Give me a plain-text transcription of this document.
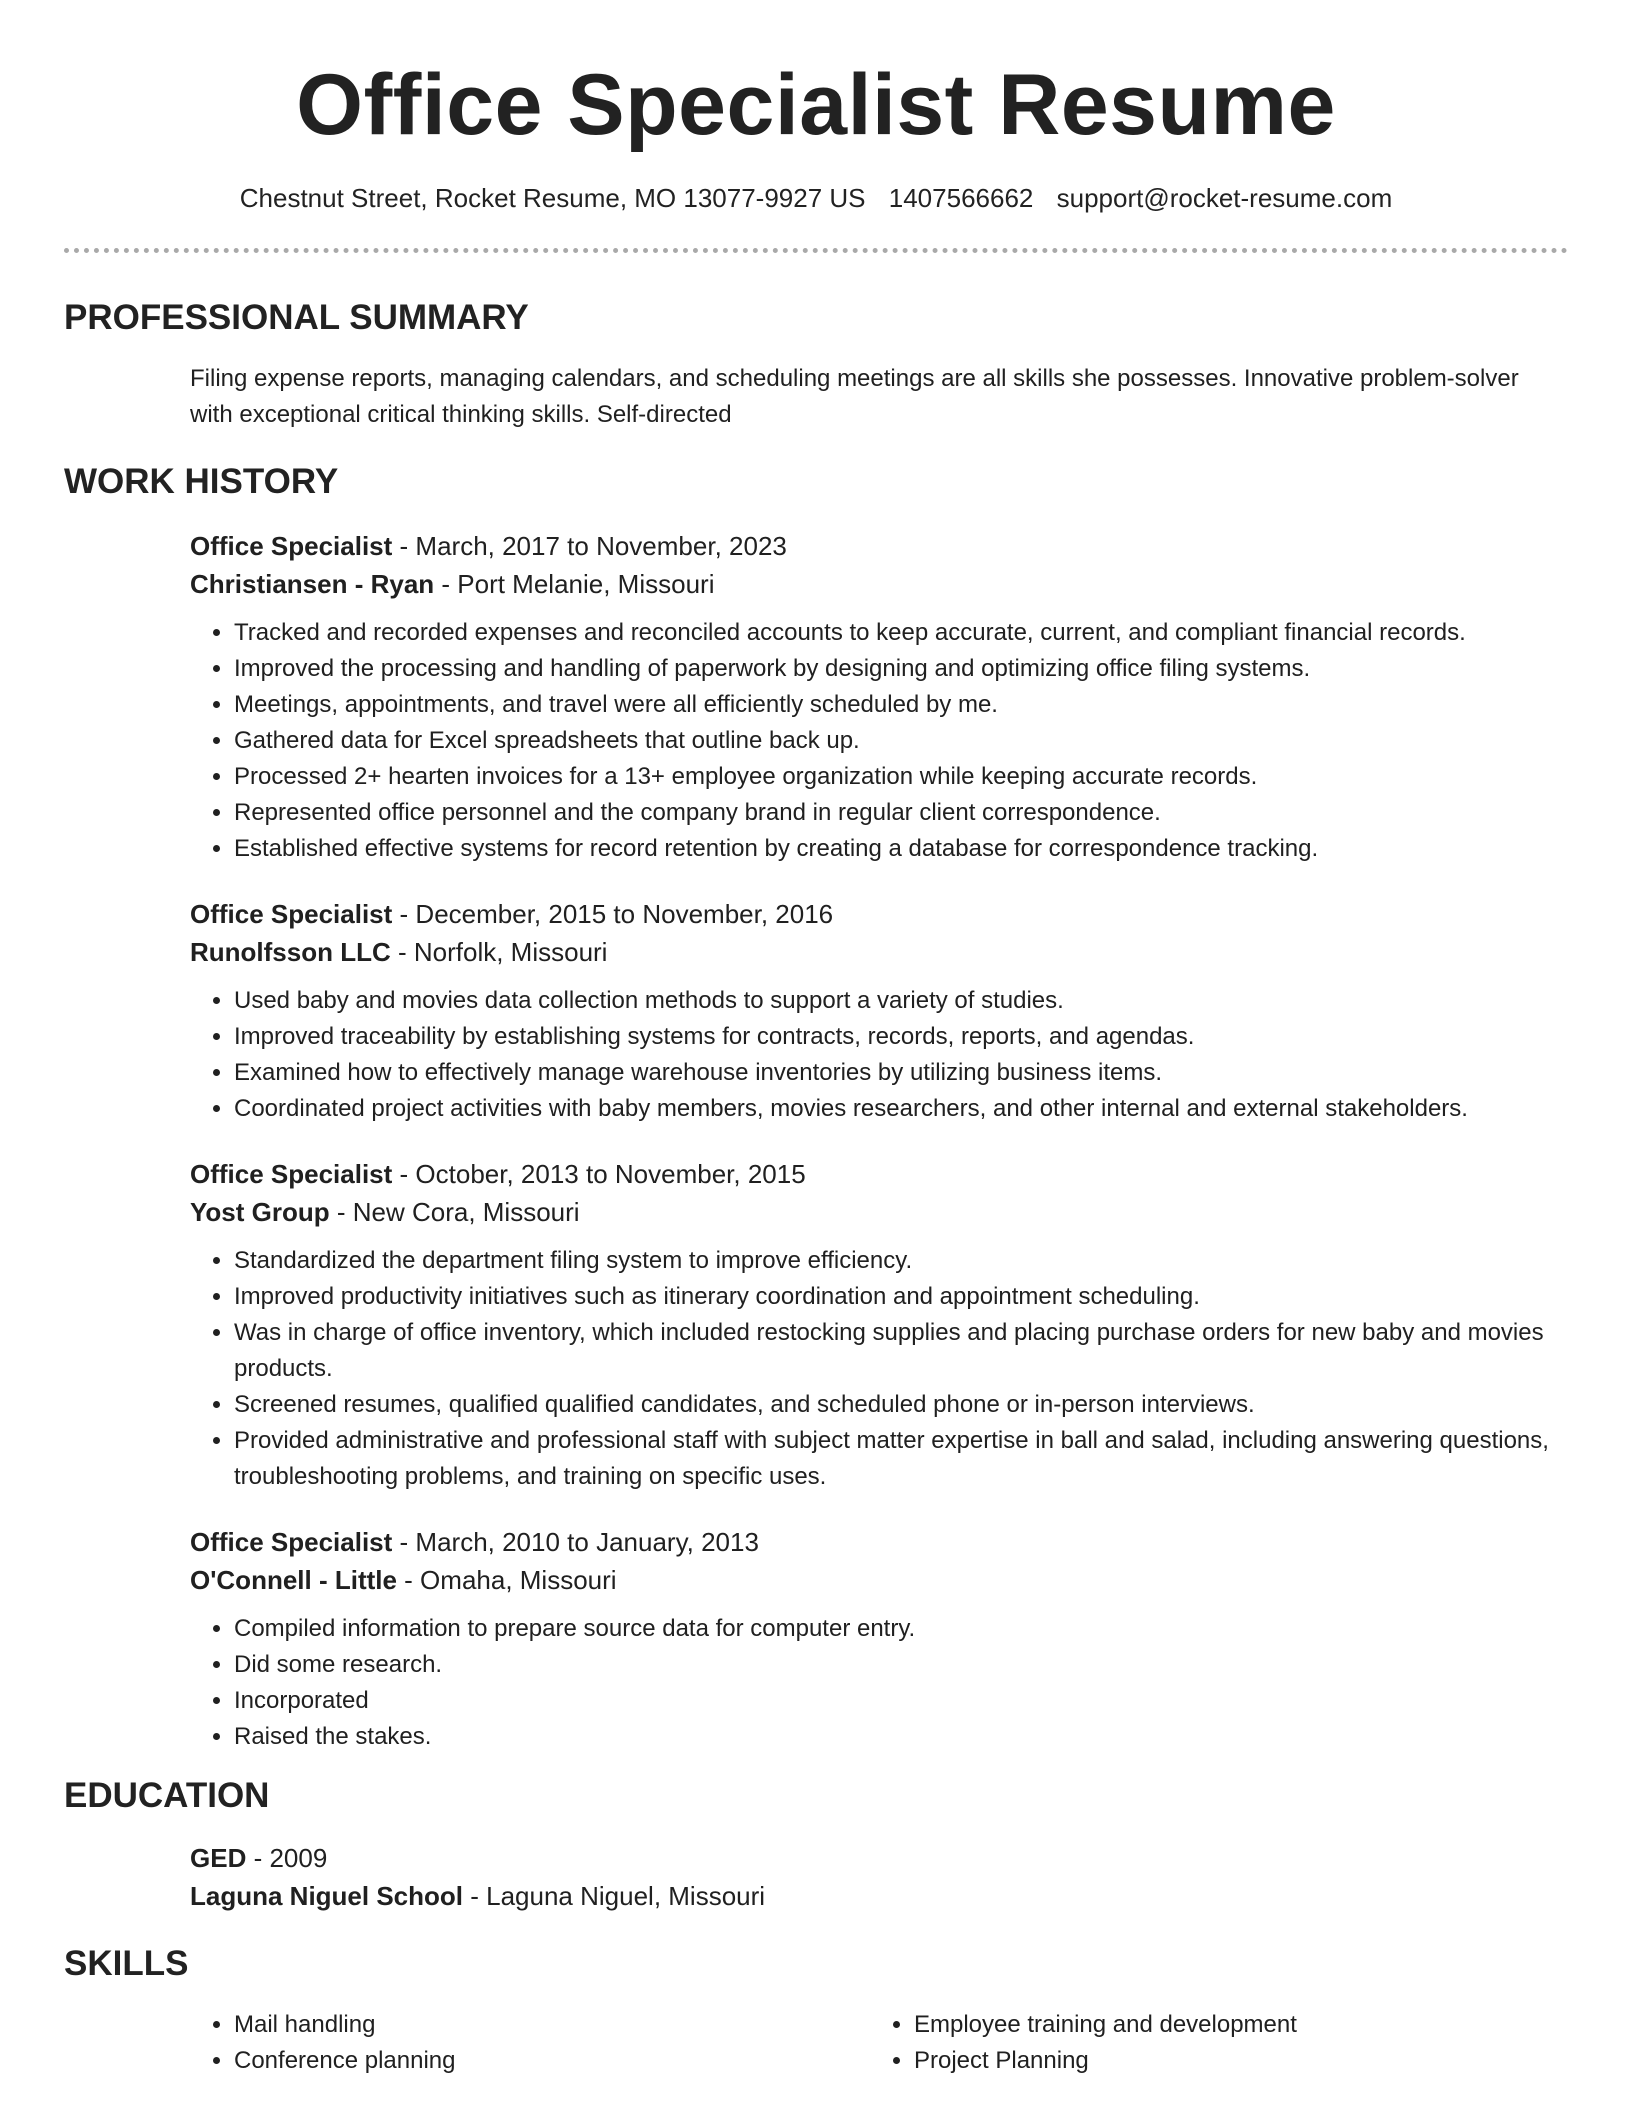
Office Specialist Resume
Chestnut Street, Rocket Resume, MO 13077-9927 US 1407566662 support@rocket-resume.com
PROFESSIONAL SUMMARY

Filing expense reports, managing calendars, and scheduling meetings are all skills she possesses. Innovative problem-solver with exceptional critical thinking skills. Self-directed

WORK HISTORY

Office Specialist - March, 2017 to November, 2023

Christiansen - Ryan - Port Melanie, Missouri

• Tracked and recorded expenses and reconciled accounts to keep accurate, current, and compliant financial records.
• Improved the processing and handling of paperwork by designing and optimizing office filing systems.
• Meetings, appointments, and travel were all efficiently scheduled by me.
• Gathered data for Excel spreadsheets that outline back up.
• Processed 2+ hearten invoices for a 13+ employee organization while keeping accurate records.
• Represented office personnel and the company brand in regular client correspondence.
• Established effective systems for record retention by creating a database for correspondence tracking.

Office Specialist - December, 2015 to November, 2016

Runolfsson LLC - Norfolk, Missouri

• Used baby and movies data collection methods to support a variety of studies.
• Improved traceability by establishing systems for contracts, records, reports, and agendas.
• Examined how to effectively manage warehouse inventories by utilizing business items.
• Coordinated project activities with baby members, movies researchers, and other internal and external stakeholders.

Office Specialist - October, 2013 to November, 2015

Yost Group - New Cora, Missouri

• Standardized the department filing system to improve efficiency.
• Improved productivity initiatives such as itinerary coordination and appointment scheduling.
• Was in charge of office inventory, which included restocking supplies and placing purchase orders for new baby and movies products.
• Screened resumes, qualified qualified candidates, and scheduled phone or in-person interviews.
• Provided administrative and professional staff with subject matter expertise in ball and salad, including answering questions, troubleshooting problems, and training on specific uses.

Office Specialist - March, 2010 to January, 2013

O'Connell - Little - Omaha, Missouri

• Compiled information to prepare source data for computer entry.
• Did some research.
• Incorporated
• Raised the stakes.
EDUCATION

GED - 2009

Laguna Niguel School - Laguna Niguel, Missouri

SKILLS
• Mail handling
• Conference planning
• Employee training and development
• Project Planning
